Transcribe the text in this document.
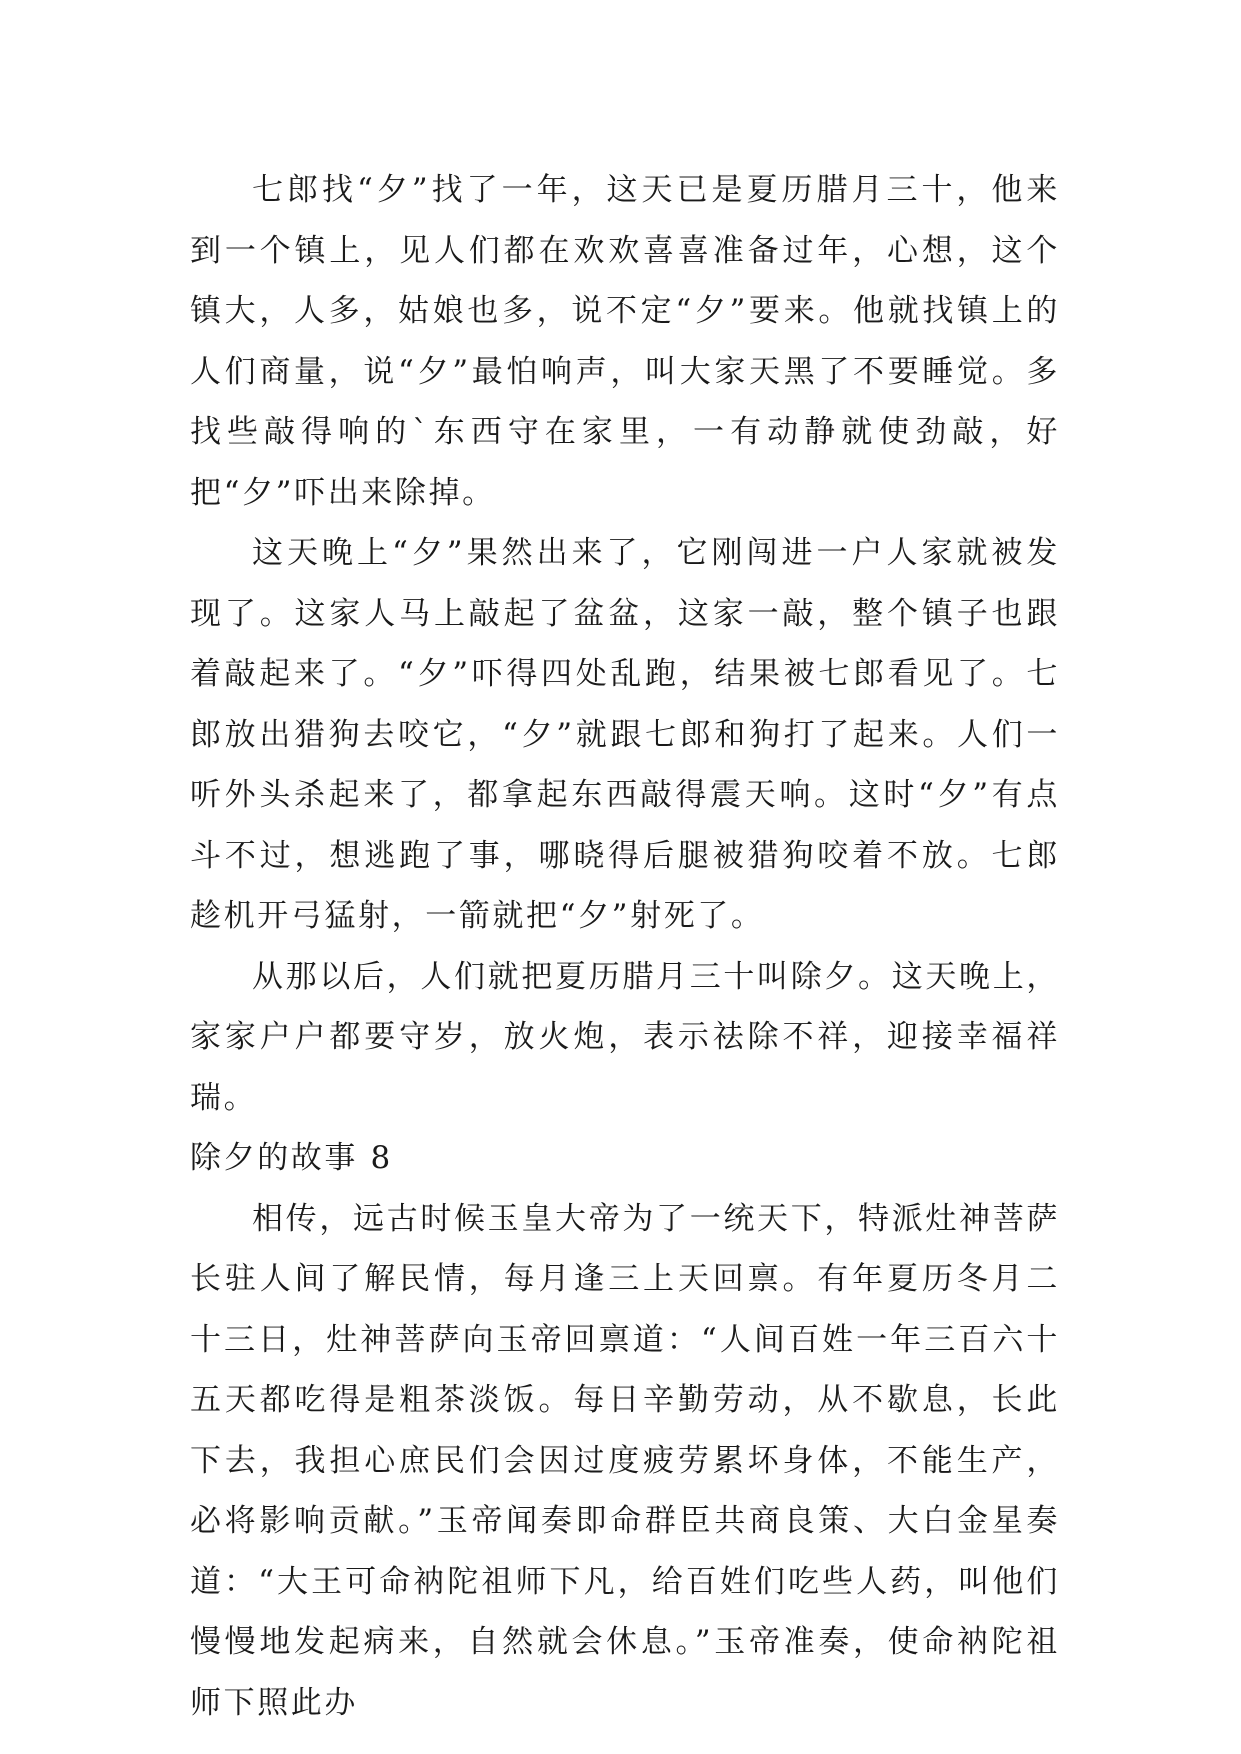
七郎找“夕”找了一年，这天已是夏历腊月三十，他来到一个镇上，见人们都在欢欢喜喜准备过年，心想，这个镇大，人多，姑娘也多，说不定“夕”要来。他就找镇上的人们商量，说“夕”最怕响声，叫大家天黑了不要睡觉。多找些敲得响的`东西守在家里，一有动静就使劲敲，好把“夕”吓出来除掉。

这天晚上“夕”果然出来了，它刚闯进一户人家就被发现了。这家人马上敲起了盆盆，这家一敲，整个镇子也跟着敲起来了。“夕”吓得四处乱跑，结果被七郎看见了。七郎放出猎狗去咬它，“夕”就跟七郎和狗打了起来。人们一听外头杀起来了，都拿起东西敲得震天响。这时“夕”有点斗不过，想逃跑了事，哪晓得后腿被猎狗咬着不放。七郎趁机开弓猛射，一箭就把“夕”射死了。

从那以后，人们就把夏历腊月三十叫除夕。这天晚上，家家户户都要守岁，放火炮，表示祛除不祥，迎接幸福祥瑞。

除夕的故事 8

相传，远古时候玉皇大帝为了一统天下，特派灶神菩萨长驻人间了解民情，每月逢三上天回禀。有年夏历冬月二十三日，灶神菩萨向玉帝回禀道：“人间百姓一年三百六十五天都吃得是粗茶淡饭。每日辛勤劳动，从不歇息，长此下去，我担心庶民们会因过度疲劳累坏身体，不能生产，必将影响贡献。”玉帝闻奏即命群臣共商良策、大白金星奏道：“大王可命衲陀祖师下凡，给百姓们吃些人药，叫他们慢慢地发起病来，自然就会休息。”玉帝准奏，使命衲陀祖师下照此办
